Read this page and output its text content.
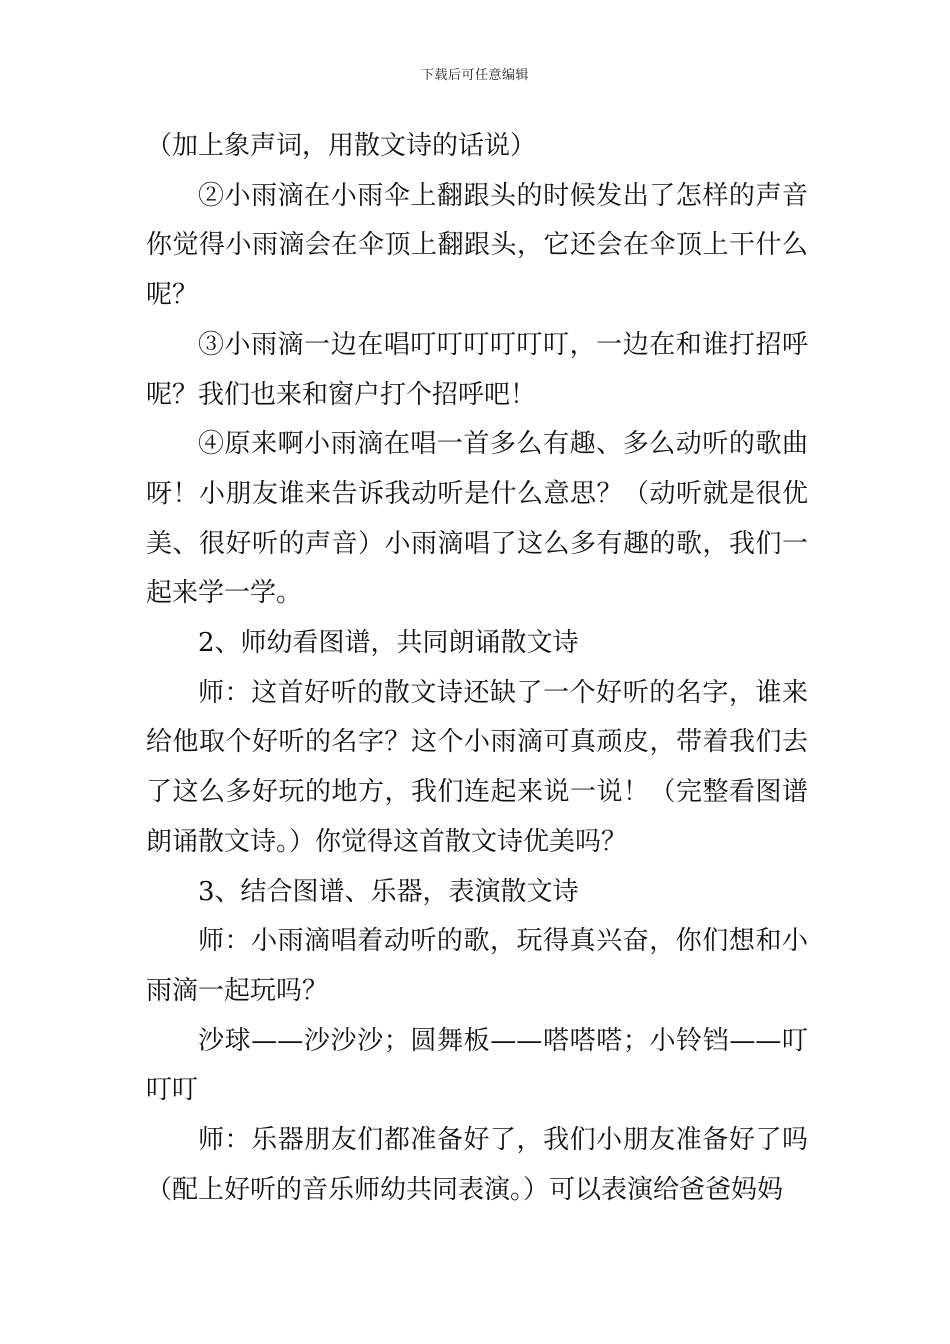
下载后可任意编辑

（加上象声词，用散文诗的话说）

②小雨滴在小雨伞上翻跟头的时候发出了怎样的声音你觉得小雨滴会在伞顶上翻跟头，它还会在伞顶上干什么呢？

③小雨滴一边在唱叮叮叮叮叮叮，一边在和谁打招呼呢？我们也来和窗户打个招呼吧！

④原来啊小雨滴在唱一首多么有趣、多么动听的歌曲呀！小朋友谁来告诉我动听是什么意思？（动听就是很优美、很好听的声音）小雨滴唱了这么多有趣的歌，我们一起来学一学。

2、师幼看图谱，共同朗诵散文诗

师：这首好听的散文诗还缺了一个好听的名字，谁来给他取个好听的名字？这个小雨滴可真顽皮，带着我们去了这么多好玩的地方，我们连起来说一说！（完整看图谱朗诵散文诗。）你觉得这首散文诗优美吗？

3、结合图谱、乐器，表演散文诗

师：小雨滴唱着动听的歌，玩得真兴奋，你们想和小雨滴一起玩吗？

沙球——沙沙沙；圆舞板——嗒嗒嗒；小铃铛——叮叮叮

师：乐器朋友们都准备好了，我们小朋友准备好了吗（配上好听的音乐师幼共同表演。）可以表演给爸爸妈妈
